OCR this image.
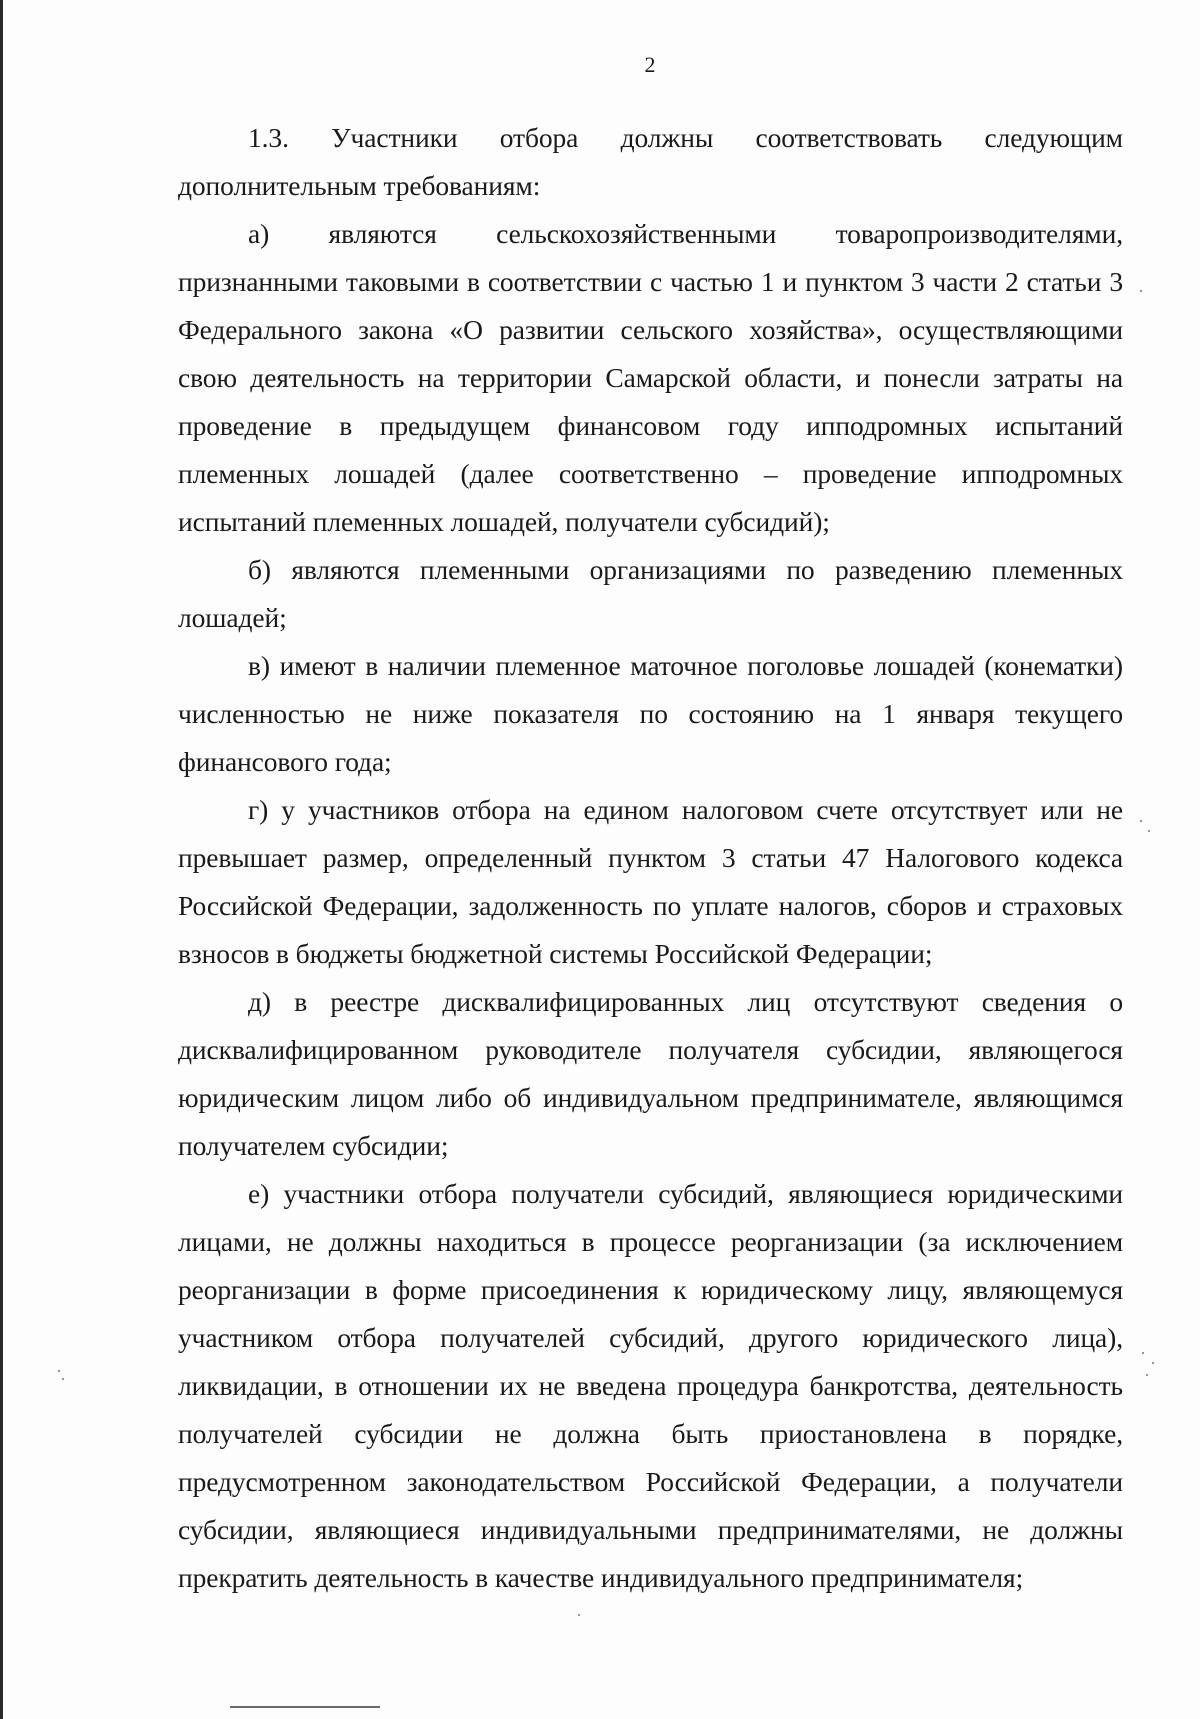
2

1.3. Участники отбора должны соответствовать следующим дополнительным требованиям:

а) являются сельскохозяйственными товаропроизводителями, признанными таковыми в соответствии с частью 1 и пунктом 3 части 2 статьи 3 Федерального закона «О развитии сельского хозяйства», осуществляющими свою деятельность на территории Самарской области, и понесли затраты на проведение в предыдущем финансовом году ипподромных испытаний племенных лошадей (далее соответственно – проведение ипподромных испытаний племенных лошадей, получатели субсидий);

б) являются племенными организациями по разведению племенных лошадей;

в) имеют в наличии племенное маточное поголовье лошадей (конематки) численностью не ниже показателя по состоянию на 1 января текущего финансового года;

г) у участников отбора на едином налоговом счете отсутствует или не превышает размер, определенный пунктом 3 статьи 47 Налогового кодекса Российской Федерации, задолженность по уплате налогов, сборов и страховых взносов в бюджеты бюджетной системы Российской Федерации;

д) в реестре дисквалифицированных лиц отсутствуют сведения о дисквалифицированном руководителе получателя субсидии, являющегося юридическим лицом либо об индивидуальном предпринимателе, являющимся получателем субсидии;

е) участники отбора получатели субсидий, являющиеся юридическими лицами, не должны находиться в процессе реорганизации (за исключением реорганизации в форме присоединения к юридическому лицу, являющемуся участником отбора получателей субсидий, другого юридического лица), ликвидации, в отношении их не введена процедура банкротства, деятельность получателей субсидии не должна быть приостановлена в порядке, предусмотренном законодательством Российской Федерации, а получатели субсидии, являющиеся индивидуальными предпринимателями, не должны прекратить деятельность в качестве индивидуального предпринимателя;
